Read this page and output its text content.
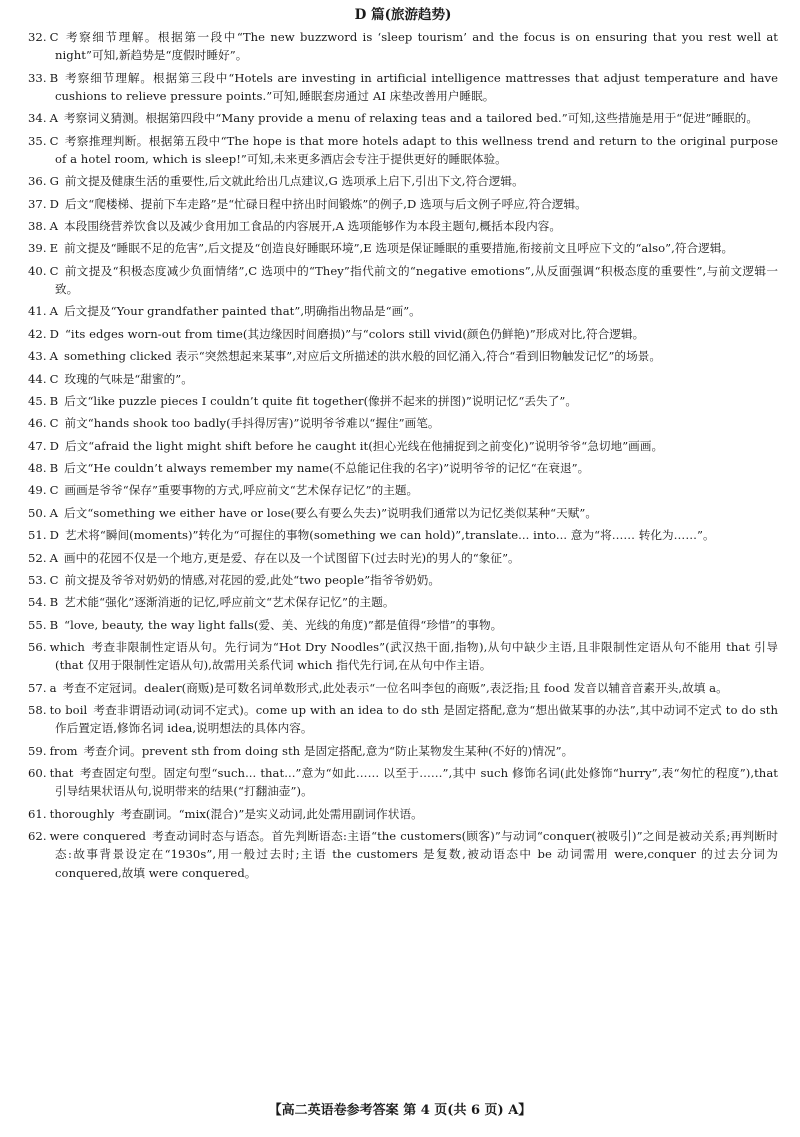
D 篇(旅游趋势)
32. C 考察细节理解。根据第一段中“The new buzzword is ‘sleep tourism’ and the focus is on ensuring that you rest well at night”可知,新趋势是“度假时睡好”。
33. B 考察细节理解。根据第三段中“Hotels are investing in artificial intelligence mattresses that adjust temperature and have cushions to relieve pressure points.”可知,睡眠套房通过 AI 床垫改善用户睡眠。
34. A 考察词义猜测。根据第四段中“Many provide a menu of relaxing teas and a tailored bed.”可知,这些措施是用于“促进”睡眠的。
35. C 考察推理判断。根据第五段中“The hope is that more hotels adapt to this wellness trend and return to the original purpose of a hotel room, which is sleep!”可知,未来更多酒店会专注于提供更好的睡眠体验。
36. G 前文提及健康生活的重要性,后文就此给出几点建议,G 选项承上启下,引出下文,符合逻辑。
37. D 后文“爬楼梯、提前下车走路”是“忙碌日程中挤出时间锻炼”的例子,D 选项与后文例子呼应,符合逻辑。
38. A 本段围绕营养饮食以及减少食用加工食品的内容展开,A 选项能够作为本段主题句,概括本段内容。
39. E 前文提及“睡眠不足的危害”,后文提及“创造良好睡眠环境”,E 选项是保证睡眠的重要措施,衔接前文且呼应下文的“also”,符合逻辑。
40. C 前文提及“积极态度减少负面情绪”,C 选项中的“They”指代前文的“negative emotions”,从反面强调“积极态度的重要性”,与前文逻辑一致。
41. A 后文提及“Your grandfather painted that”,明确指出物品是“画”。
42. D “its edges worn-out from time(其边缘因时间磨损)”与“colors still vivid(颜色仍鲜艳)”形成对比,符合逻辑。
43. A something clicked 表示“突然想起来某事”,对应后文所描述的洪水般的回忆涌入,符合“看到旧物触发记忆”的场景。
44. C 玫瑰的气味是“甜蜜的”。
45. B 后文“like puzzle pieces I couldn’t quite fit together(像拼不起来的拼图)”说明记忆“丢失了”。
46. C 前文“hands shook too badly(手抖得厉害)”说明爷爷难以“握住”画笔。
47. D 后文“afraid the light might shift before he caught it(担心光线在他捕捉到之前变化)”说明爷爷“急切地”画画。
48. B 后文“He couldn’t always remember my name(不总能记住我的名字)”说明爷爷的记忆“在衰退”。
49. C 画画是爷爷“保存”重要事物的方式,呼应前文“艺术保存记忆”的主题。
50. A 后文“something we either have or lose(要么有要么失去)”说明我们通常以为记忆类似某种“天赋”。
51. D 艺术将“瞬间(moments)”转化为“可握住的事物(something we can hold)”,translate... into... 意为“将…… 转化为……”。
52. A 画中的花园不仅是一个地方,更是爱、存在以及一个试图留下(过去时光)的男人的“象征”。
53. C 前文提及爷爷对奶奶的情感,对花园的爱,此处“two people”指爷爷奶奶。
54. B 艺术能“强化”逐渐消逝的记忆,呼应前文“艺术保存记忆”的主题。
55. B “love, beauty, the way light falls(爱、美、光线的角度)”都是值得“珍惜”的事物。
56. which 考查非限制性定语从句。先行词为“Hot Dry Noodles”(武汉热干面,指物),从句中缺少主语,且非限制性定语从句不能用 that 引导(that 仅用于限制性定语从句),故需用关系代词 which 指代先行词,在从句中作主语。
57. a 考查不定冠词。dealer(商贩)是可数名词单数形式,此处表示“一位名叫李包的商贩”,表泛指;且 food 发音以辅音音素开头,故填 a。
58. to boil 考查非谓语动词(动词不定式)。come up with an idea to do sth 是固定搭配,意为“想出做某事的办法”,其中动词不定式 to do sth 作后置定语,修饰名词 idea,说明想法的具体内容。
59. from 考查介词。prevent sth from doing sth 是固定搭配,意为“防止某物发生某种(不好的)情况”。
60. that 考查固定句型。固定句型“such... that...”意为“如此…… 以至于……”,其中 such 修饰名词(此处修饰“hurry”,表“匆忙的程度”),that 引导结果状语从句,说明带来的结果(“打翻油壶”)。
61. thoroughly 考查副词。“mix(混合)”是实义动词,此处需用副词作状语。
62. were conquered 考查动词时态与语态。首先判断语态:主语“the customers(顾客)”与动词“conquer(被吸引)”之间是被动关系;再判断时态:故事背景设定在“1930s”,用一般过去时;主语 the customers 是复数,被动语态中 be 动词需用 were,conquer 的过去分词为 conquered,故填 were conquered。
【高二英语卷参考答案 第 4 页(共 6 页) A】
